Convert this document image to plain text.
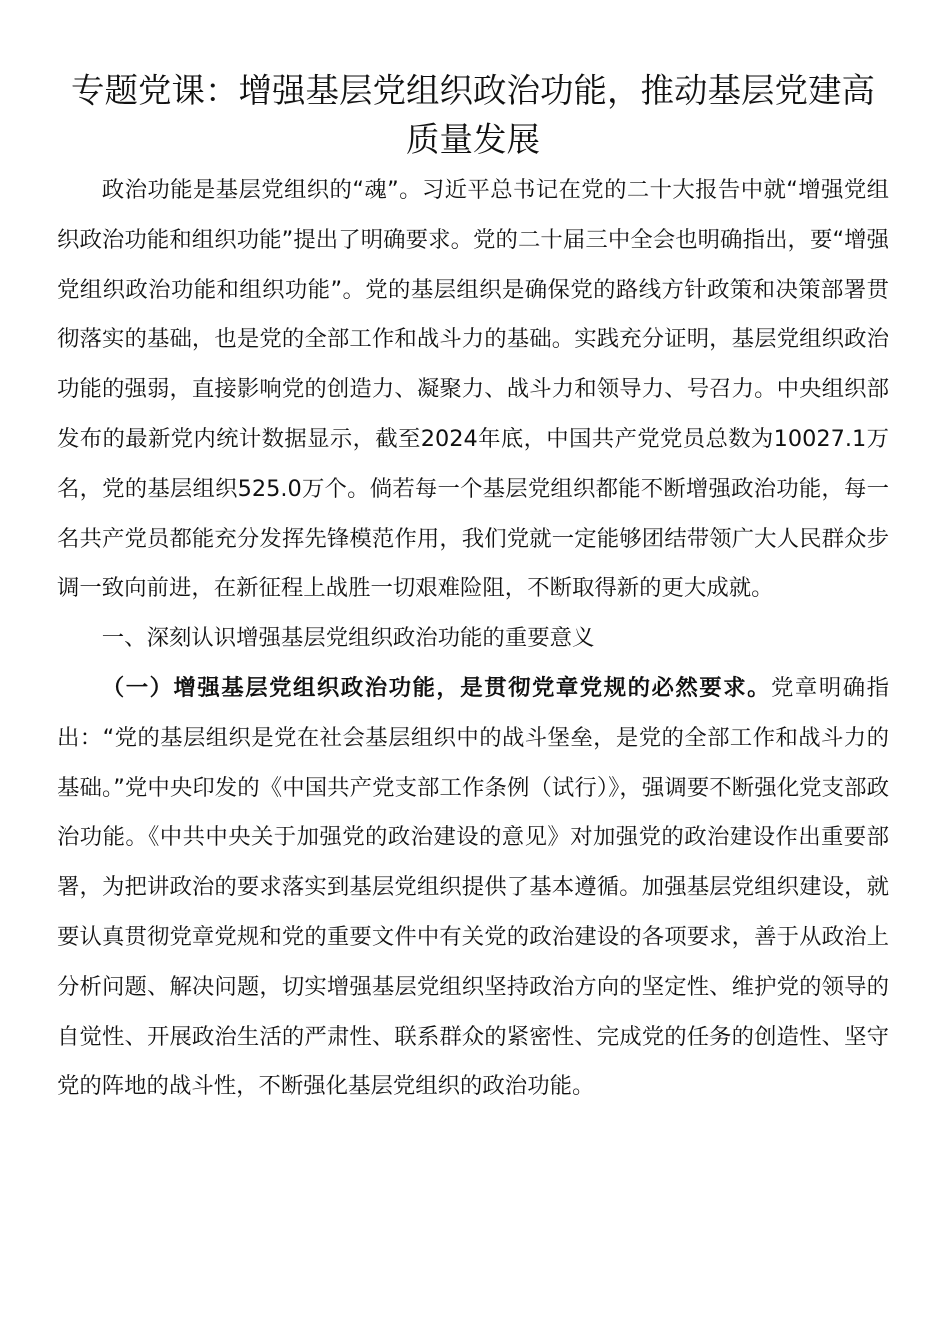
专题党课：增强基层党组织政治功能，推动基层党建高质量发展

政治功能是基层党组织的“魂”。习近平总书记在党的二十大报告中就“增强党组织政治功能和组织功能”提出了明确要求。党的二十届三中全会也明确指出，要“增强党组织政治功能和组织功能”。党的基层组织是确保党的路线方针政策和决策部署贯彻落实的基础，也是党的全部工作和战斗力的基础。实践充分证明，基层党组织政治功能的强弱，直接影响党的创造力、凝聚力、战斗力和领导力、号召力。中央组织部发布的最新党内统计数据显示，截至2024年底，中国共产党党员总数为10027.1万名，党的基层组织525.0万个。倘若每一个基层党组织都能不断增强政治功能，每一名共产党员都能充分发挥先锋模范作用，我们党就一定能够团结带领广大人民群众步调一致向前进，在新征程上战胜一切艰难险阻，不断取得新的更大成就。

一、深刻认识增强基层党组织政治功能的重要意义

（一）增强基层党组织政治功能，是贯彻党章党规的必然要求。党章明确指出：“党的基层组织是党在社会基层组织中的战斗堡垒，是党的全部工作和战斗力的基础。”党中央印发的《中国共产党支部工作条例（试行）》，强调要不断强化党支部政治功能。《中共中央关于加强党的政治建设的意见》对加强党的政治建设作出重要部署，为把讲政治的要求落实到基层党组织提供了基本遵循。加强基层党组织建设，就要认真贯彻党章党规和党的重要文件中有关党的政治建设的各项要求，善于从政治上分析问题、解决问题，切实增强基层党组织坚持政治方向的坚定性、维护党的领导的自觉性、开展政治生活的严肃性、联系群众的紧密性、完成党的任务的创造性、坚守党的阵地的战斗性，不断强化基层党组织的政治功能。
